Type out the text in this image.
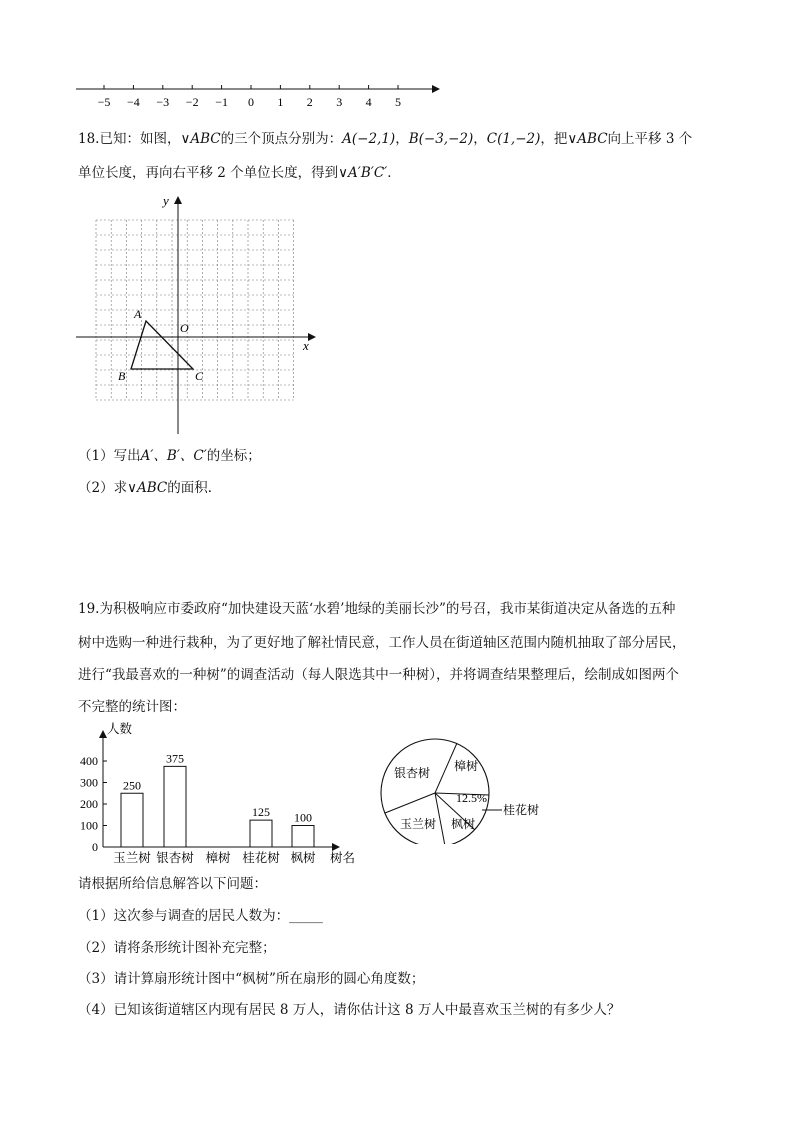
−5 −4 −3 −2 −1 0 1 2 3 4 5
18.已知：如图，∨ABC的三个顶点分别为：A(−2,1)，B(−3,−2)，C(1,−2)，把∨ABC向上平移 3 个
单位长度，再向右平移 2 个单位长度，得到∨A′B′C′．
y
x
O
A
B	C
（1）写出A′、B′、C′的坐标；
（2）求∨ABC的面积．
19.为积极响应市委政府“加快建设天蓝‘水碧’地绿的美丽长沙”的号召，我市某街道决定从备选的五种
树中选购一种进行栽种，为了更好地了解社情民意，工作人员在街道轴区范围内随机抽取了部分居民，
进行“我最喜欢的一种树”的调查活动（每人限选其中一种树），并将调查结果整理后，绘制成如图两个
不完整的统计图：
人数
树名
0
100
200
300
400
250
玉兰树
375
银杏树 樟树
125
桂花树
100
枫树
银杏树 樟树
12.5%
枫树
玉兰树
桂花树
请根据所给信息解答以下问题：
（1）这次参与调查的居民人数为：_____
（2）请将条形统计图补充完整；
（3）请计算扇形统计图中“枫树”所在扇形的圆心角度数；
（4）已知该街道辖区内现有居民 8 万人，请你估计这 8 万人中最喜欢玉兰树的有多少人？
